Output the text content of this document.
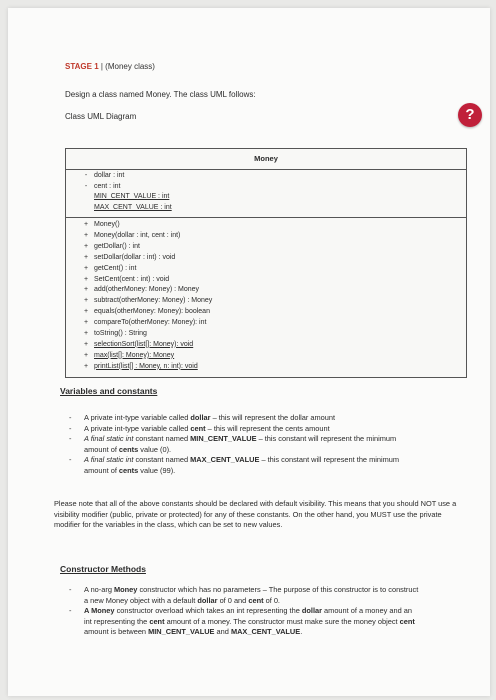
STAGE 1 | (Money class)
Design a class named Money. The class UML follows:
Class UML Diagram	?
Money
- dollar : int
- cent : int
MIN_CENT_VALUE : int
MAX_CENT_VALUE : int
+ Money()
+ Money(dollar : int, cent : int)
+ getDollar() : int
+ setDollar(dollar : int) : void
+ getCent() : int
+ SetCent(cent : int) : void
+ add(otherMoney: Money) : Money
+ subtract(otherMoney: Money) : Money
+ equals(otherMoney: Money): boolean
+ compareTo(otherMoney: Money): int
+ toString() : String
+ selectionSort(list[]: Money): void
+ max(list[]: Money): Money
+ printList(list[] : Money, n: int): void
Variables and constants
- A private int-type variable called dollar – this will represent the dollar amount
- A private int-type variable called cent – this will represent the cents amount
- A final static int constant named MIN_CENT_VALUE – this constant will represent the minimum amount of cents value (0).
- A final static int constant named MAX_CENT_VALUE – this constant will represent the minimum amount of cents value (99).
Please note that all of the above constants should be declared with default visibility. This means that you should NOT use a visibility modifier (public, private or protected) for any of these constants. On the other hand, you MUST use the private modifier for the variables in the class, which can be set to new values.
Constructor Methods
- A no-arg Money constructor which has no parameters – The purpose of this constructor is to construct a new Money object with a default dollar of 0 and cent of 0.
- A Money constructor overload which takes an int representing the dollar amount of a money and an int representing the cent amount of a money. The constructor must make sure the money object cent amount is between MIN_CENT_VALUE and MAX_CENT_VALUE.
